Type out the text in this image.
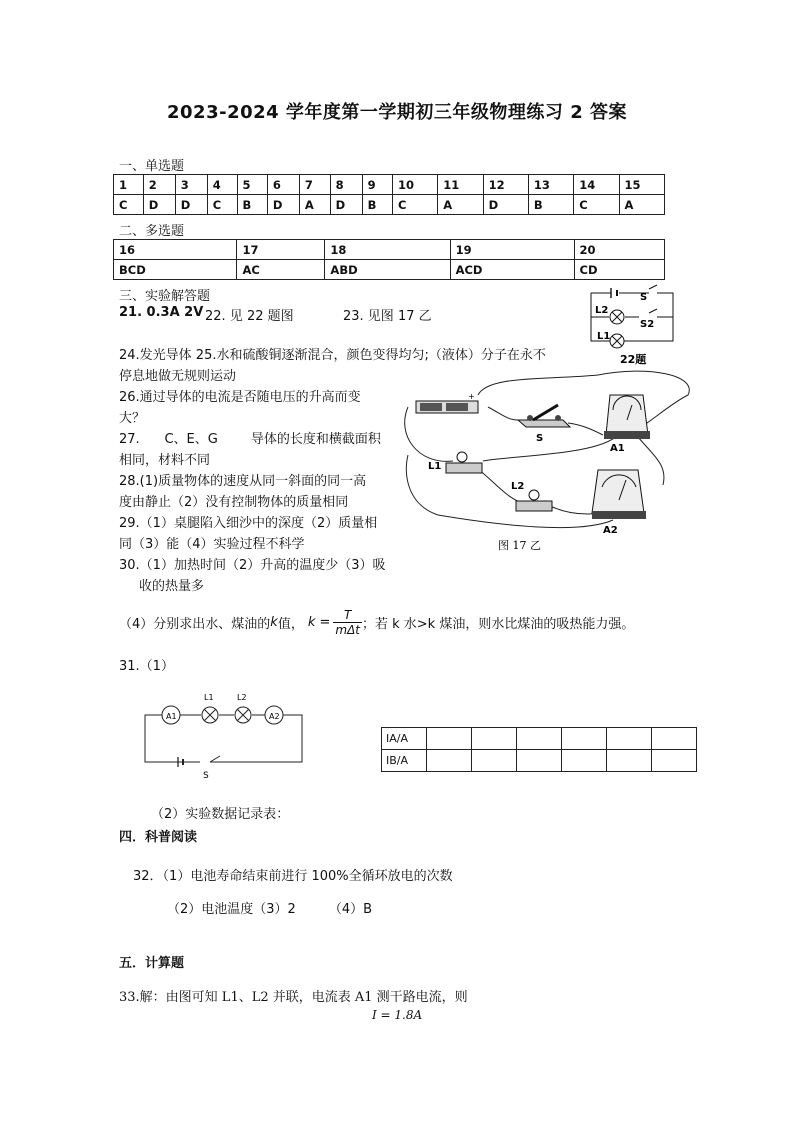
2023-2024 学年度第一学期初三年级物理练习 2 答案
一、单选题
1	2	3	4	5	6	7	8	9	10	11	12	13	14	15
C	D	D	C	B	D	A	D	B	C	A	D	B	C	A
二、多选题
16	17	18	19	20
BCD	AC	ABD	ACD	CD
三、实验解答题
21. 0.3A 2V 22. 见 22 题图	23. 见图 17 乙
24.发光导体 25.水和硫酸铜逐渐混合，颜色变得均匀;（液体）分子在永不
停息地做无规则运动
26.通过导体的电流是否随电压的升高而变
大？
27.      C、E、G        导体的长度和横截面积
相同，材料不同
28.(1)质量物体的速度从同一斜面的同一高
度由静止（2）没有控制物体的质量相同
29.（1）桌腿陷入细沙中的深度（2）质量相
同（3）能（4）实验过程不科学
30.（1）加热时间（2）升高的温度少（3）吸
收的热量多
（4）分别求出水、煤油的 k 值， $k = \frac{T}{\text{mΔt}}$ ；若 k 水>k 煤油，则水比煤油的吸热能力强。
31.（1）
S
S2
L2
L1
22题
+
S
A1
L1
L2
A2
图 17 乙
A1	A2
L1	L2
S
IA/A						
IB/A						
（2）实验数据记录表：
四．科普阅读
32．（1）电池寿命结束前进行 100%全循环放电的次数
（2）电池温度（3）2        （4）B
五．计算题
33.解：由图可知 L1、L2 并联，电流表 A1 测干路电流，则
I = 1.8A
